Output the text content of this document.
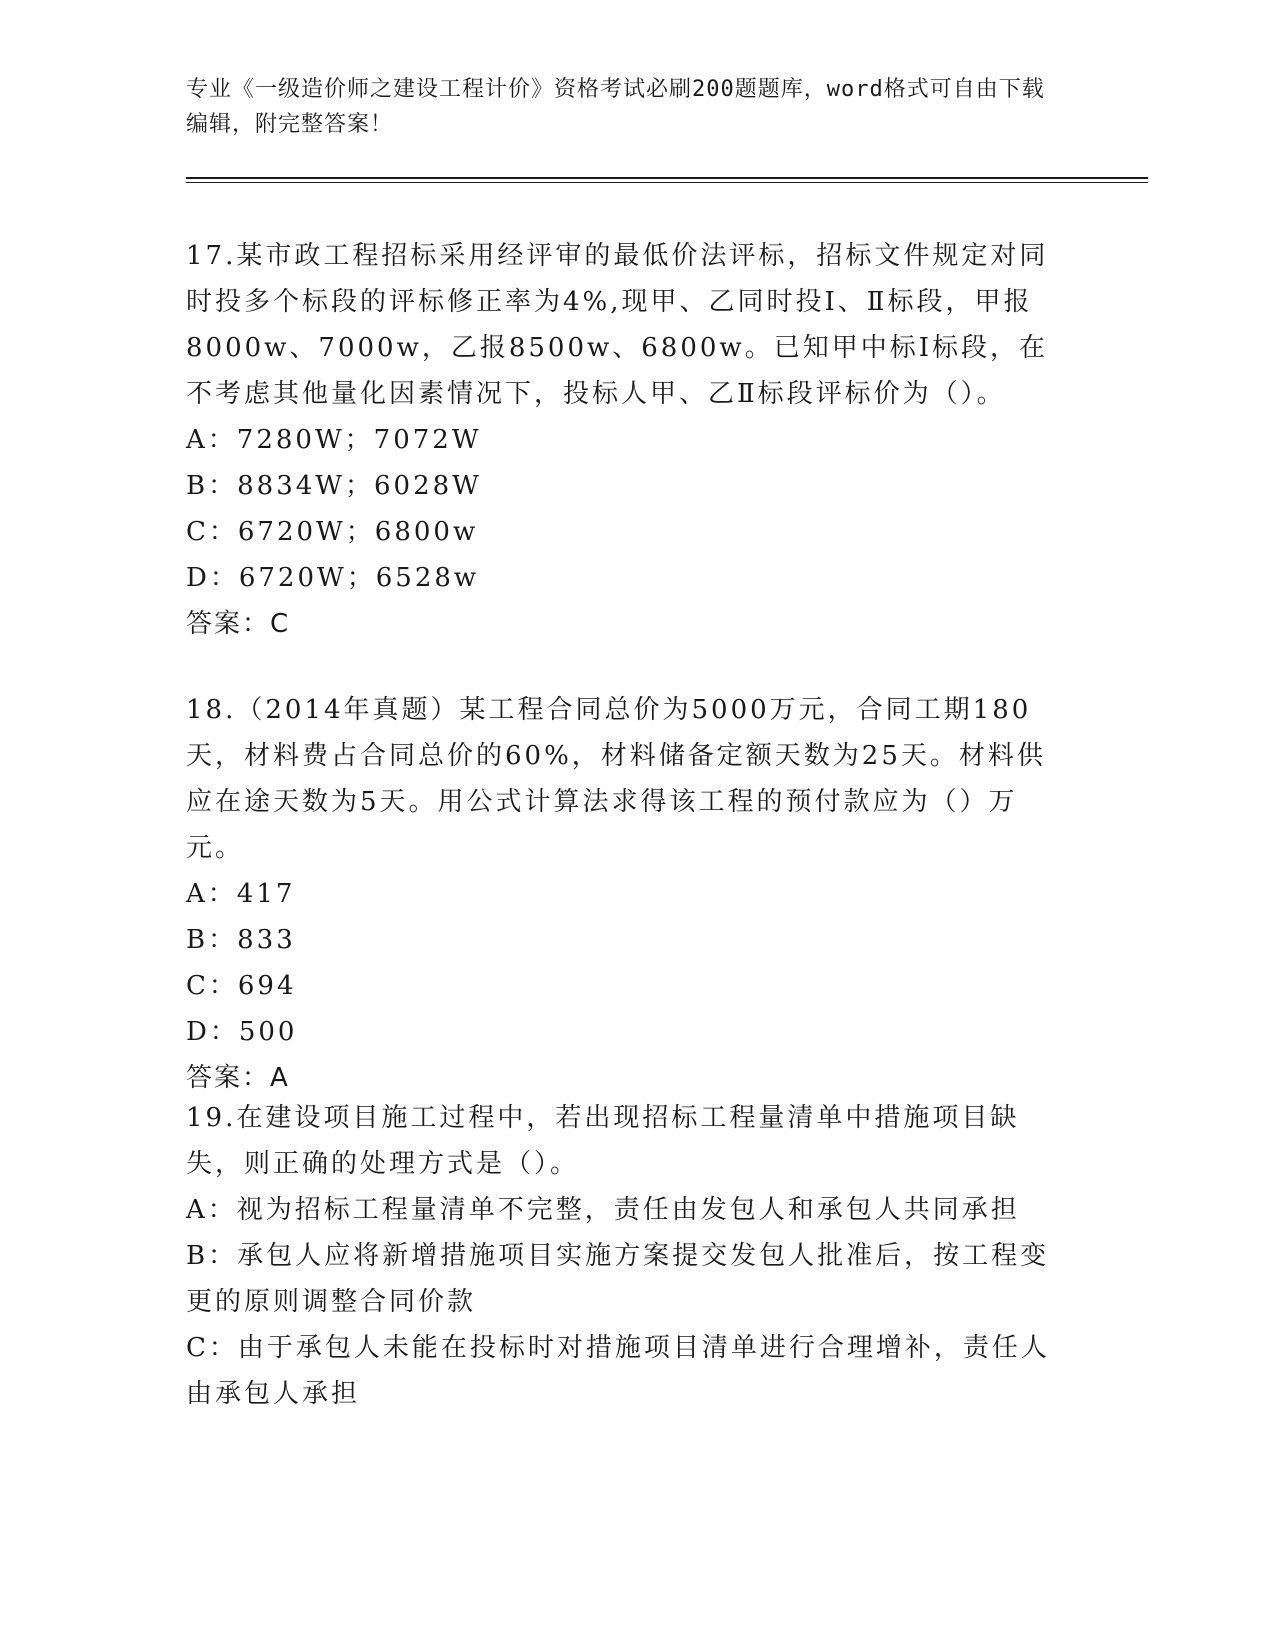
专业《一级造价师之建设工程计价》资格考试必刷200题题库，word格式可自由下载编辑，附完整答案！

17.某市政工程招标采用经评审的最低价法评标，招标文件规定对同时投多个标段的评标修正率为4%,现甲、乙同时投Ⅰ、Ⅱ标段，甲报8000w、7000w，乙报8500w、6800w。已知甲中标Ⅰ标段，在不考虑其他量化因素情况下，投标人甲、乙Ⅱ标段评标价为（）。

A：7280W；7072W

B：8834W；6028W

C：6720W；6800w

D：6720W；6528w

答案：C

18.（2014年真题）某工程合同总价为5000万元，合同工期180天，材料费占合同总价的60%，材料储备定额天数为25天。材料供应在途天数为5天。用公式计算法求得该工程的预付款应为（）万元。

A：417

B：833

C：694

D：500

答案：A

19.在建设项目施工过程中，若出现招标工程量清单中措施项目缺失，则正确的处理方式是（）。

A：视为招标工程量清单不完整，责任由发包人和承包人共同承担

B：承包人应将新增措施项目实施方案提交发包人批准后，按工程变更的原则调整合同价款

C：由于承包人未能在投标时对措施项目清单进行合理增补，责任人由承包人承担
